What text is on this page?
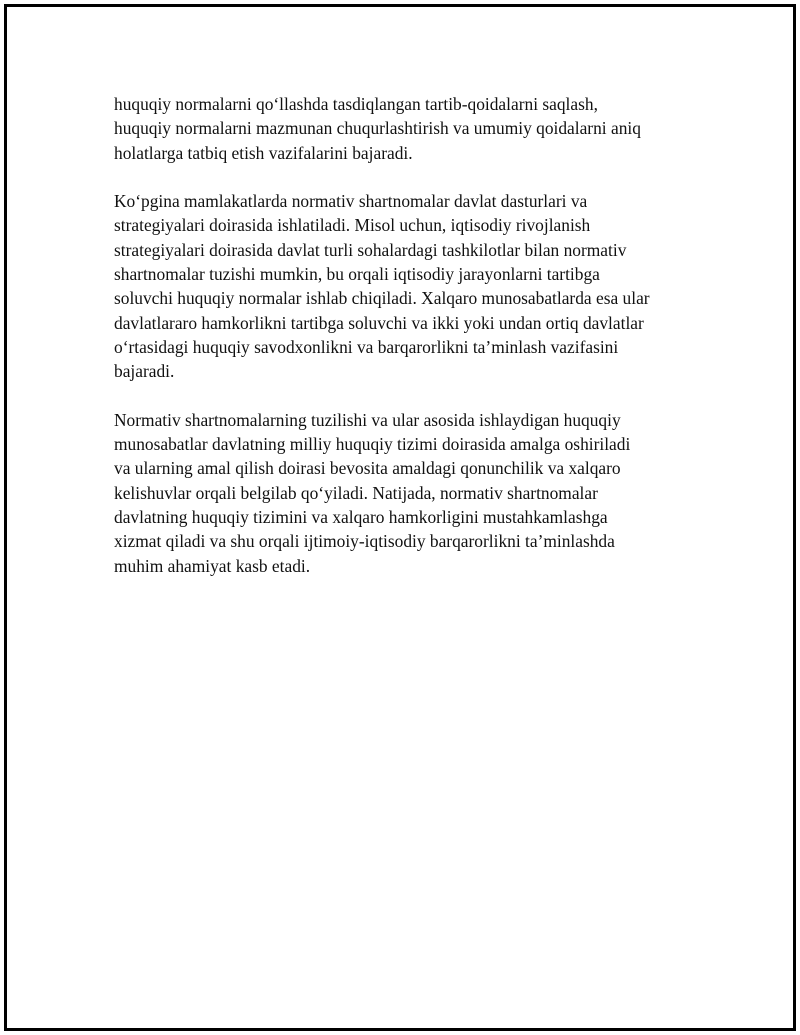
huquqiy normalarni qo‘llashda tasdiqlangan tartib-qoidalarni saqlash,
huquqiy normalarni mazmunan chuqurlashtirish va umumiy qoidalarni aniq
holatlarga tatbiq etish vazifalarini bajaradi.
Ko‘pgina mamlakatlarda normativ shartnomalar davlat dasturlari va
strategiyalari doirasida ishlatiladi. Misol uchun, iqtisodiy rivojlanish
strategiyalari doirasida davlat turli sohalardagi tashkilotlar bilan normativ
shartnomalar tuzishi mumkin, bu orqali iqtisodiy jarayonlarni tartibga
soluvchi huquqiy normalar ishlab chiqiladi. Xalqaro munosabatlarda esa ular
davlatlararo hamkorlikni tartibga soluvchi va ikki yoki undan ortiq davlatlar
o‘rtasidagi huquqiy savodxonlikni va barqarorlikni ta’minlash vazifasini
bajaradi.
Normativ shartnomalarning tuzilishi va ular asosida ishlaydigan huquqiy
munosabatlar davlatning milliy huquqiy tizimi doirasida amalga oshiriladi
va ularning amal qilish doirasi bevosita amaldagi qonunchilik va xalqaro
kelishuvlar orqali belgilab qo‘yiladi. Natijada, normativ shartnomalar
davlatning huquqiy tizimini va xalqaro hamkorligini mustahkamlashga
xizmat qiladi va shu orqali ijtimoiy-iqtisodiy barqarorlikni ta’minlashda
muhim ahamiyat kasb etadi.
